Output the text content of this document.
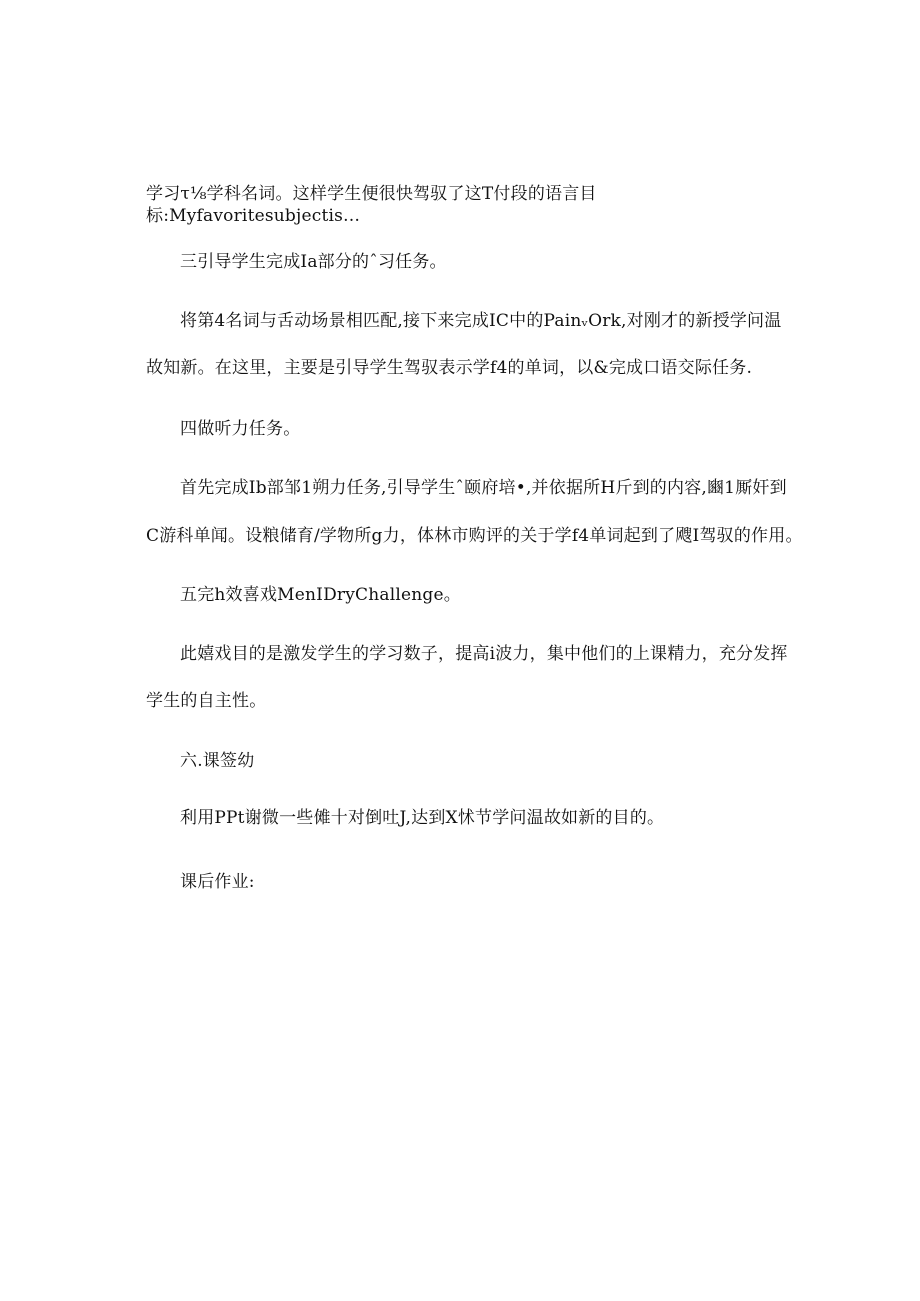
学习τ⅛学科名词。这样学生便很快驾驭了这T付段的语言目
标:Myfavoritesubjectis…
三引导学生完成Ia部分的ˆ习任务。
将第4名词与舌动场景相匹配,接下来完成IC中的PainᵥOrk,对刚才的新授学问温
故知新。在这里，主要是引导学生驾驭表示学f4的单词，以&完成口语交际任务.
四做听力任务。
首先完成Ib部邹1朔力任务,引导学生ˆ颐府培•,并依据所H斤到的内容,豳1厮奸到
C游科单闻。设粮储育/学物所g力，体林市购评的关于学f4单词起到了飕I驾驭的作用。
五完h效喜戏MenIDryChallenge。
此嬉戏目的是激发学生的学习数子，提高i波力，集中他们的上课精力，充分发挥
学生的自主性。
六.课签幼
利用PPt谢微一些傩十对倒吐J,达到X怵节学问温故如新的目的。
课后作业:
